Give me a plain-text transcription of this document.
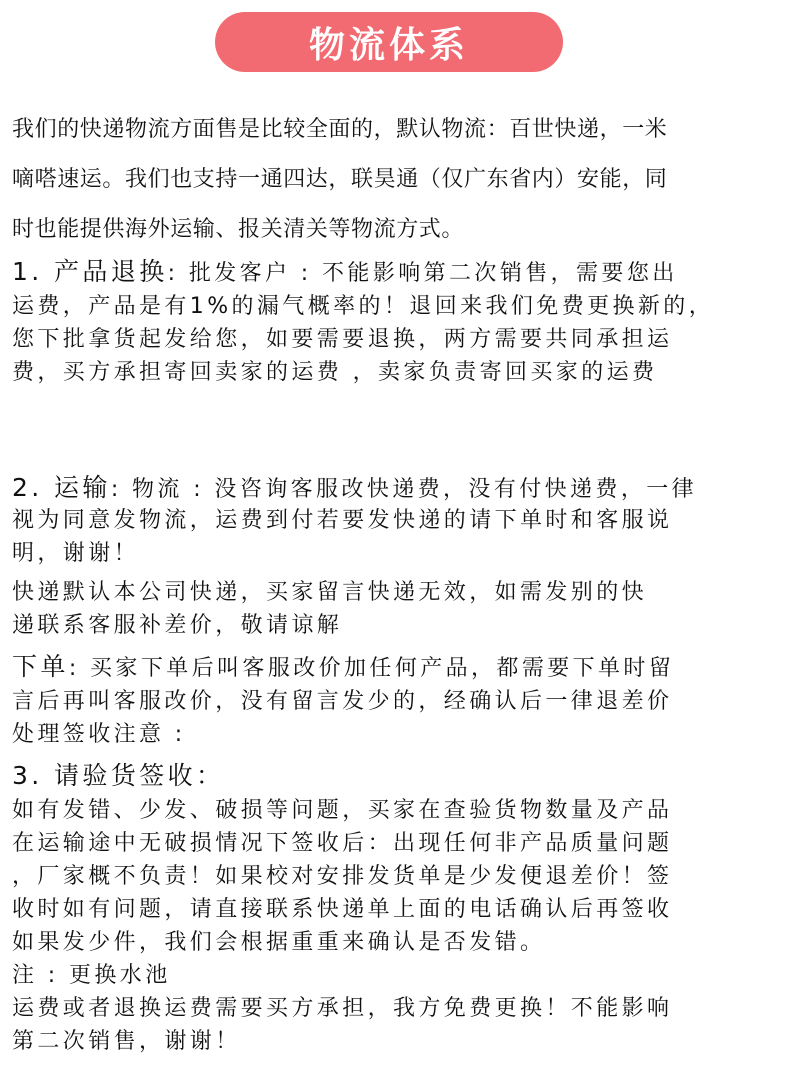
物流体系
我们的快递物流方面售是比较全面的，默认物流：百世快递，一米
嘀嗒速运。我们也支持一通四达，联昊通（仅广东省内）安能，同
时也能提供海外运输、报关清关等物流方式。
1. 产品退换: 批发客户 : 不能影响第二次销售，需要您出
运费，产品是有1%的漏气概率的！退回来我们免费更换新的，
您下批拿货起发给您，如要需要退换，两方需要共同承担运
费，买方承担寄回卖家的运费 ，卖家负责寄回买家的运费
2. 运输: 物流 : 没咨询客服改快递费，没有付快递费，一律
视为同意发物流，运费到付若要发快递的请下单时和客服说
明，谢谢！
快递默认本公司快递，买家留言快递无效，如需发别的快
递联系客服补差价，敬请谅解
下单: 买家下单后叫客服改价加任何产品，都需要下单时留
言后再叫客服改价，没有留言发少的，经确认后一律退差价
处理签收注意 :
3. 请验货签收：
如有发错、少发、破损等问题，买家在查验货物数量及产品
在运输途中无破损情况下签收后：出现任何非产品质量问题
，厂家概不负责！如果校对安排发货单是少发便退差价！签
收时如有问题，请直接联系快递单上面的电话确认后再签收
如果发少件，我们会根据重重来确认是否发错。
注 : 更换水池
运费或者退换运费需要买方承担，我方免费更换！不能影响
第二次销售，谢谢！
